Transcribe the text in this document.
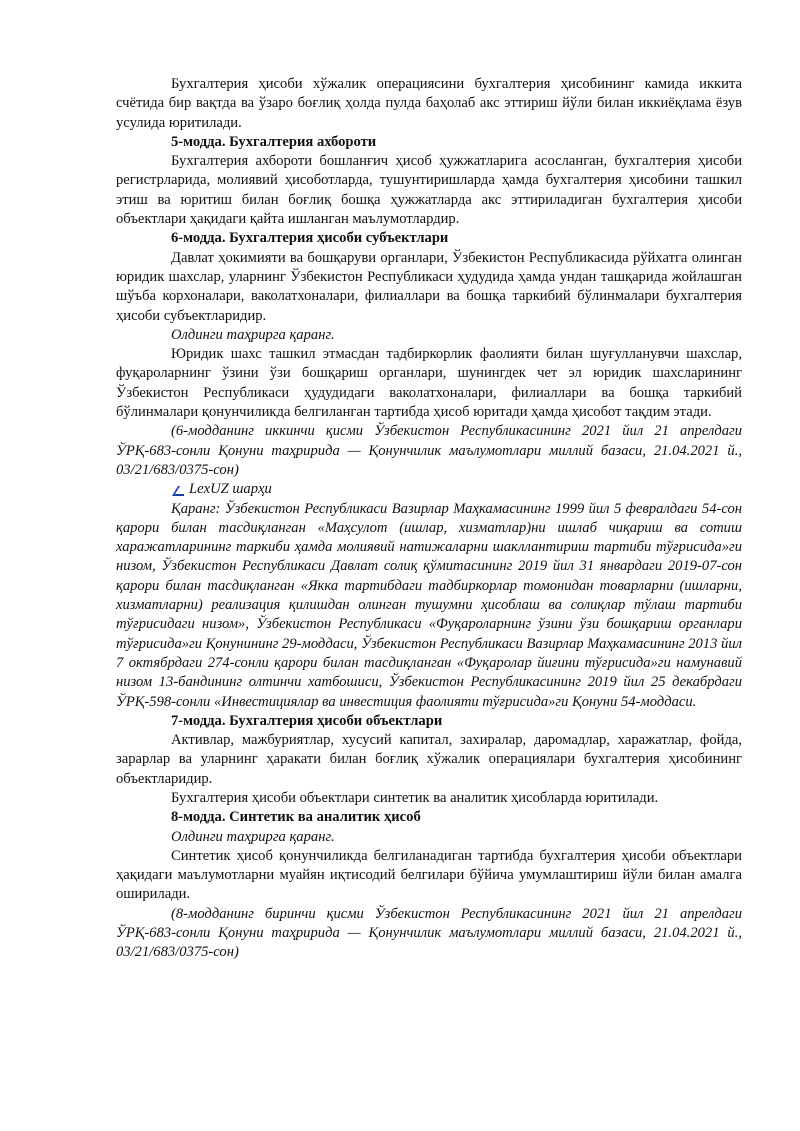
Бухгалтерия ҳисоби хўжалик операциясини бухгалтерия ҳисобининг камида иккита счётида бир вақтда ва ўзаро боғлиқ ҳолда пулда баҳолаб акс эттириш йўли билан иккиёқлама ёзув усулида юритилади.

5-модда. Бухгалтерия ахбороти

Бухгалтерия ахбороти бошланғич ҳисоб ҳужжатларига асосланган, бухгалтерия ҳисоби регистрларида, молиявий ҳисоботларда, тушунтиришларда ҳамда бухгалтерия ҳисобини ташкил этиш ва юритиш билан боғлиқ бошқа ҳужжатларда акс эттириладиган бухгалтерия ҳисоби объектлари ҳақидаги қайта ишланган маълумотлардир.

6-модда. Бухгалтерия ҳисоби субъектлари

Давлат ҳокимияти ва бошқаруви органлари, Ўзбекистон Республикасида рўйхатга олинган юридик шахслар, уларнинг Ўзбекистон Республикаси ҳудудида ҳамда ундан ташқарида жойлашган шўъба корхоналари, ваколатхоналари, филиаллари ва бошқа таркибий бўлинмалари бухгалтерия ҳисоби субъектларидир.

Олдинги таҳрирга қаранг.

Юридик шахс ташкил этмасдан тадбиркорлик фаолияти билан шуғулланувчи шахслар, фуқароларнинг ўзини ўзи бошқариш органлари, шунингдек чет эл юридик шахсларининг Ўзбекистон Республикаси ҳудудидаги ваколатхоналари, филиаллари ва бошқа таркибий бўлинмалари қонунчиликда белгиланган тартибда ҳисоб юритади ҳамда ҳисобот тақдим этади.

(6-модданинг иккинчи қисми Ўзбекистон Республикасининг 2021 йил 21 апрелдаги ЎРҚ-683-сонли Қонуни таҳририда — Қонунчилик маълумотлари миллий базаси, 21.04.2021 й., 03/21/683/0375-сон)

LexUZ шарҳи

Қаранг: Ўзбекистон Республикаси Вазирлар Маҳкамасининг 1999 йил 5 февралдаги 54-сон қарори билан тасдиқланган «Маҳсулот (ишлар, хизматлар)ни ишлаб чиқариш ва сотиш харажатларининг таркиби ҳамда молиявий натижаларни шакллантириш тартиби тўғрисида»ги низом, Ўзбекистон Республикаси Давлат солиқ қўмитасининг 2019 йил 31 январдаги 2019-07-сон қарори билан тасдиқланган «Якка тартибдаги тадбиркорлар томонидан товарларни (ишларни, хизматларни) реализация қилишдан олинган тушумни ҳисоблаш ва солиқлар тўлаш тартиби тўғрисидаги низом», Ўзбекистон Республикаси «Фуқароларнинг ўзини ўзи бошқариш органлари тўғрисида»ги Қонунининг 29-моддаси, Ўзбекистон Республикаси Вазирлар Маҳкамасининг 2013 йил 7 октябрдаги 274-сонли қарори билан тасдиқланган «Фуқаролар йиғини тўғрисида»ги намунавий низом 13-бандининг олтинчи хатбошиси, Ўзбекистон Республикасининг 2019 йил 25 декабрдаги ЎРҚ-598-сонли «Инвестициялар ва инвестиция фаолияти тўғрисида»ги Қонуни 54-моддаси.

7-модда. Бухгалтерия ҳисоби объектлари

Активлар, мажбуриятлар, хусусий капитал, захиралар, даромадлар, харажатлар, фойда, зарарлар ва уларнинг ҳаракати билан боғлиқ хўжалик операциялари бухгалтерия ҳисобининг объектларидир.

Бухгалтерия ҳисоби объектлари синтетик ва аналитик ҳисобларда юритилади.

8-модда. Синтетик ва аналитик ҳисоб

Олдинги таҳрирга қаранг.

Синтетик ҳисоб қонунчиликда белгиланадиган тартибда бухгалтерия ҳисоби объектлари ҳақидаги маълумотларни муайян иқтисодий белгилари бўйича умумлаштириш йўли билан амалга оширилади.

(8-модданинг биринчи қисми Ўзбекистон Республикасининг 2021 йил 21 апрелдаги ЎРҚ-683-сонли Қонуни таҳририда — Қонунчилик маълумотлари миллий базаси, 21.04.2021 й., 03/21/683/0375-сон)
